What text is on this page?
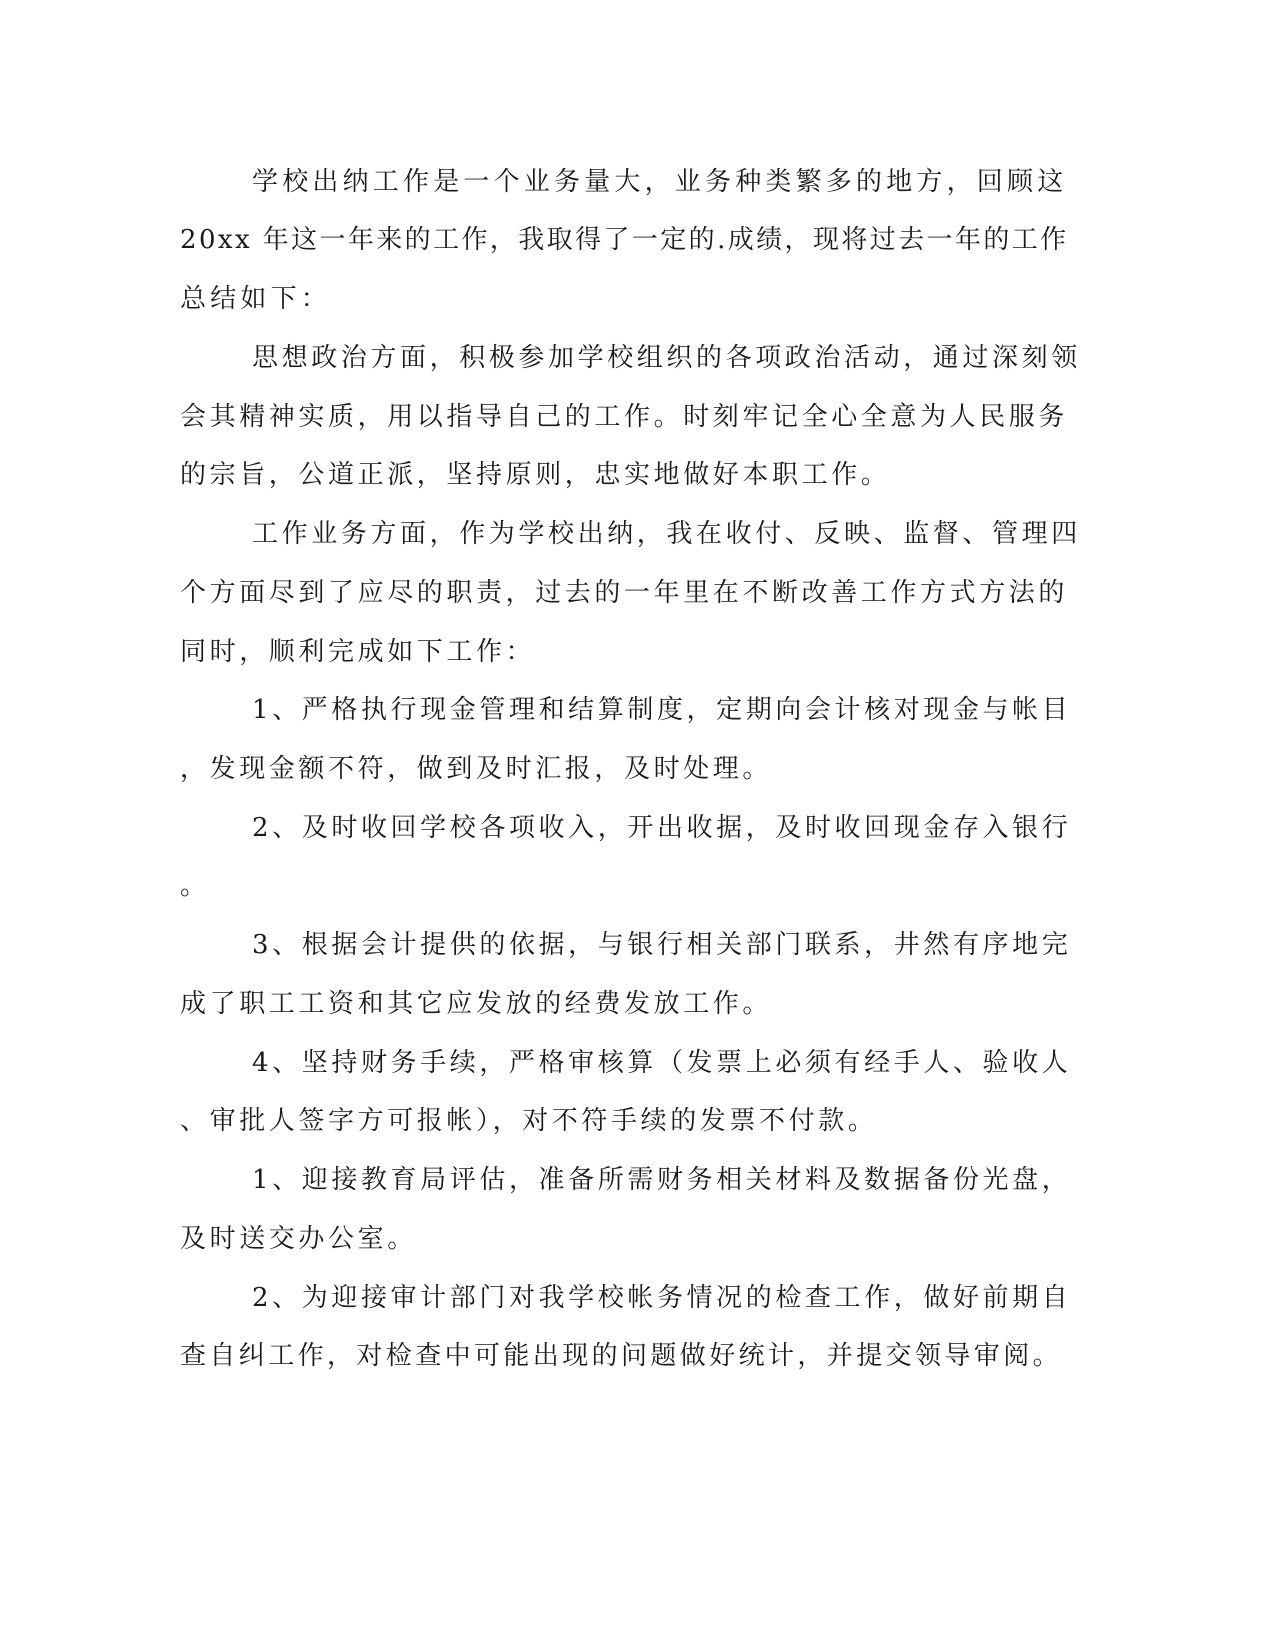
学校出纳工作是一个业务量大，业务种类繁多的地方，回顾这
20xx 年这一年来的工作，我取得了一定的.成绩，现将过去一年的工作
总结如下：
思想政治方面，积极参加学校组织的各项政治活动，通过深刻领
会其精神实质，用以指导自己的工作。时刻牢记全心全意为人民服务
的宗旨，公道正派，坚持原则，忠实地做好本职工作。
工作业务方面，作为学校出纳，我在收付、反映、监督、管理四
个方面尽到了应尽的职责，过去的一年里在不断改善工作方式方法的
同时，顺利完成如下工作：
1、严格执行现金管理和结算制度，定期向会计核对现金与帐目
，发现金额不符，做到及时汇报，及时处理。
2、及时收回学校各项收入，开出收据，及时收回现金存入银行
。
3、根据会计提供的依据，与银行相关部门联系，井然有序地完
成了职工工资和其它应发放的经费发放工作。
4、坚持财务手续，严格审核算（发票上必须有经手人、验收人
、审批人签字方可报帐），对不符手续的发票不付款。
1、迎接教育局评估，准备所需财务相关材料及数据备份光盘，
及时送交办公室。
2、为迎接审计部门对我学校帐务情况的检查工作，做好前期自
查自纠工作，对检查中可能出现的问题做好统计，并提交领导审阅。
